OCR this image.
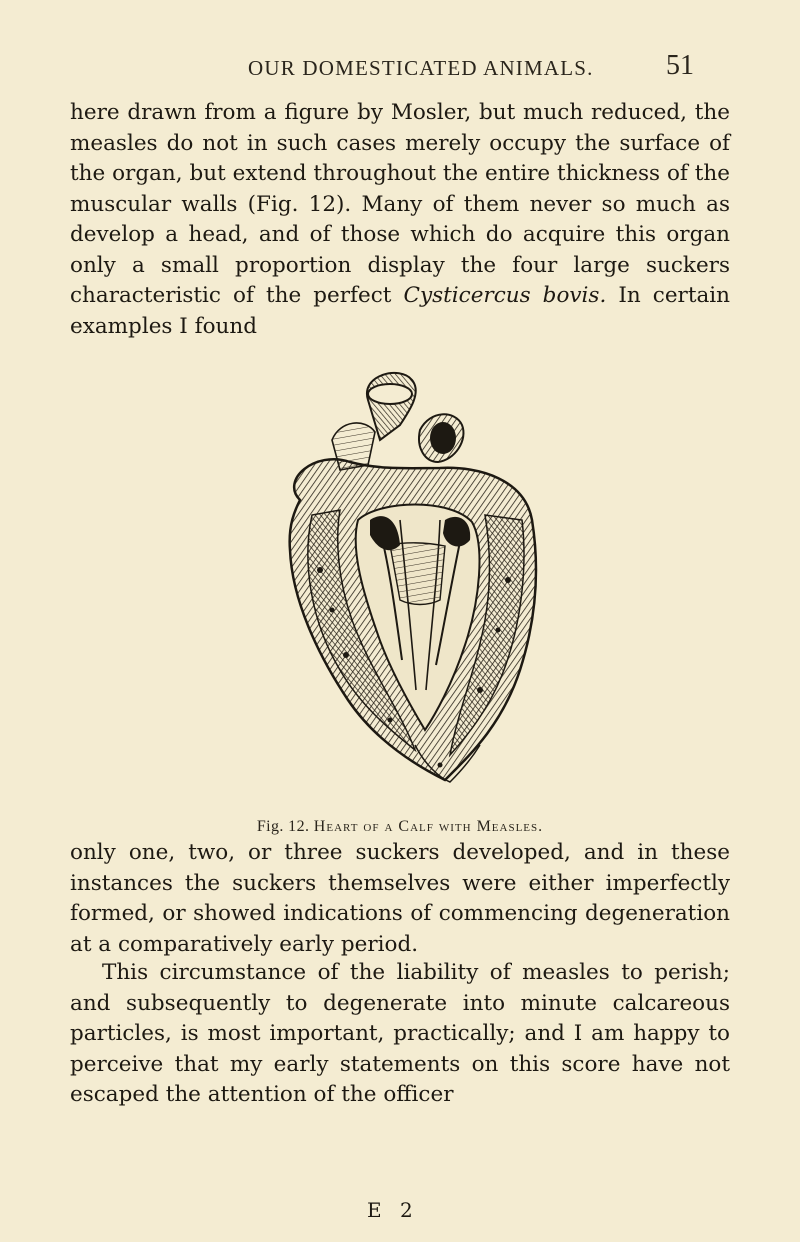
OUR DOMESTICATED ANIMALS.	51

here drawn from a figure by Mosler, but much reduced, the measles do not in such cases merely occupy the surface of the organ, but extend throughout the entire thickness of the muscular walls (Fig. 12). Many of them never so much as develop a head, and of those which do acquire this organ only a small proportion display the four large suckers characteristic of the perfect Cysticercus bovis. In certain examples I found

Fig. 12. Heart of a Calf with Measles.

only one, two, or three suckers developed, and in these instances the suckers themselves were either imperfectly formed, or showed indications of commencing degeneration at a comparatively early period.

This circumstance of the liability of measles to perish; and subsequently to degenerate into minute calcareous particles, is most important, practically; and I am happy to perceive that my early statements on this score have not escaped the attention of the officer

E 2
